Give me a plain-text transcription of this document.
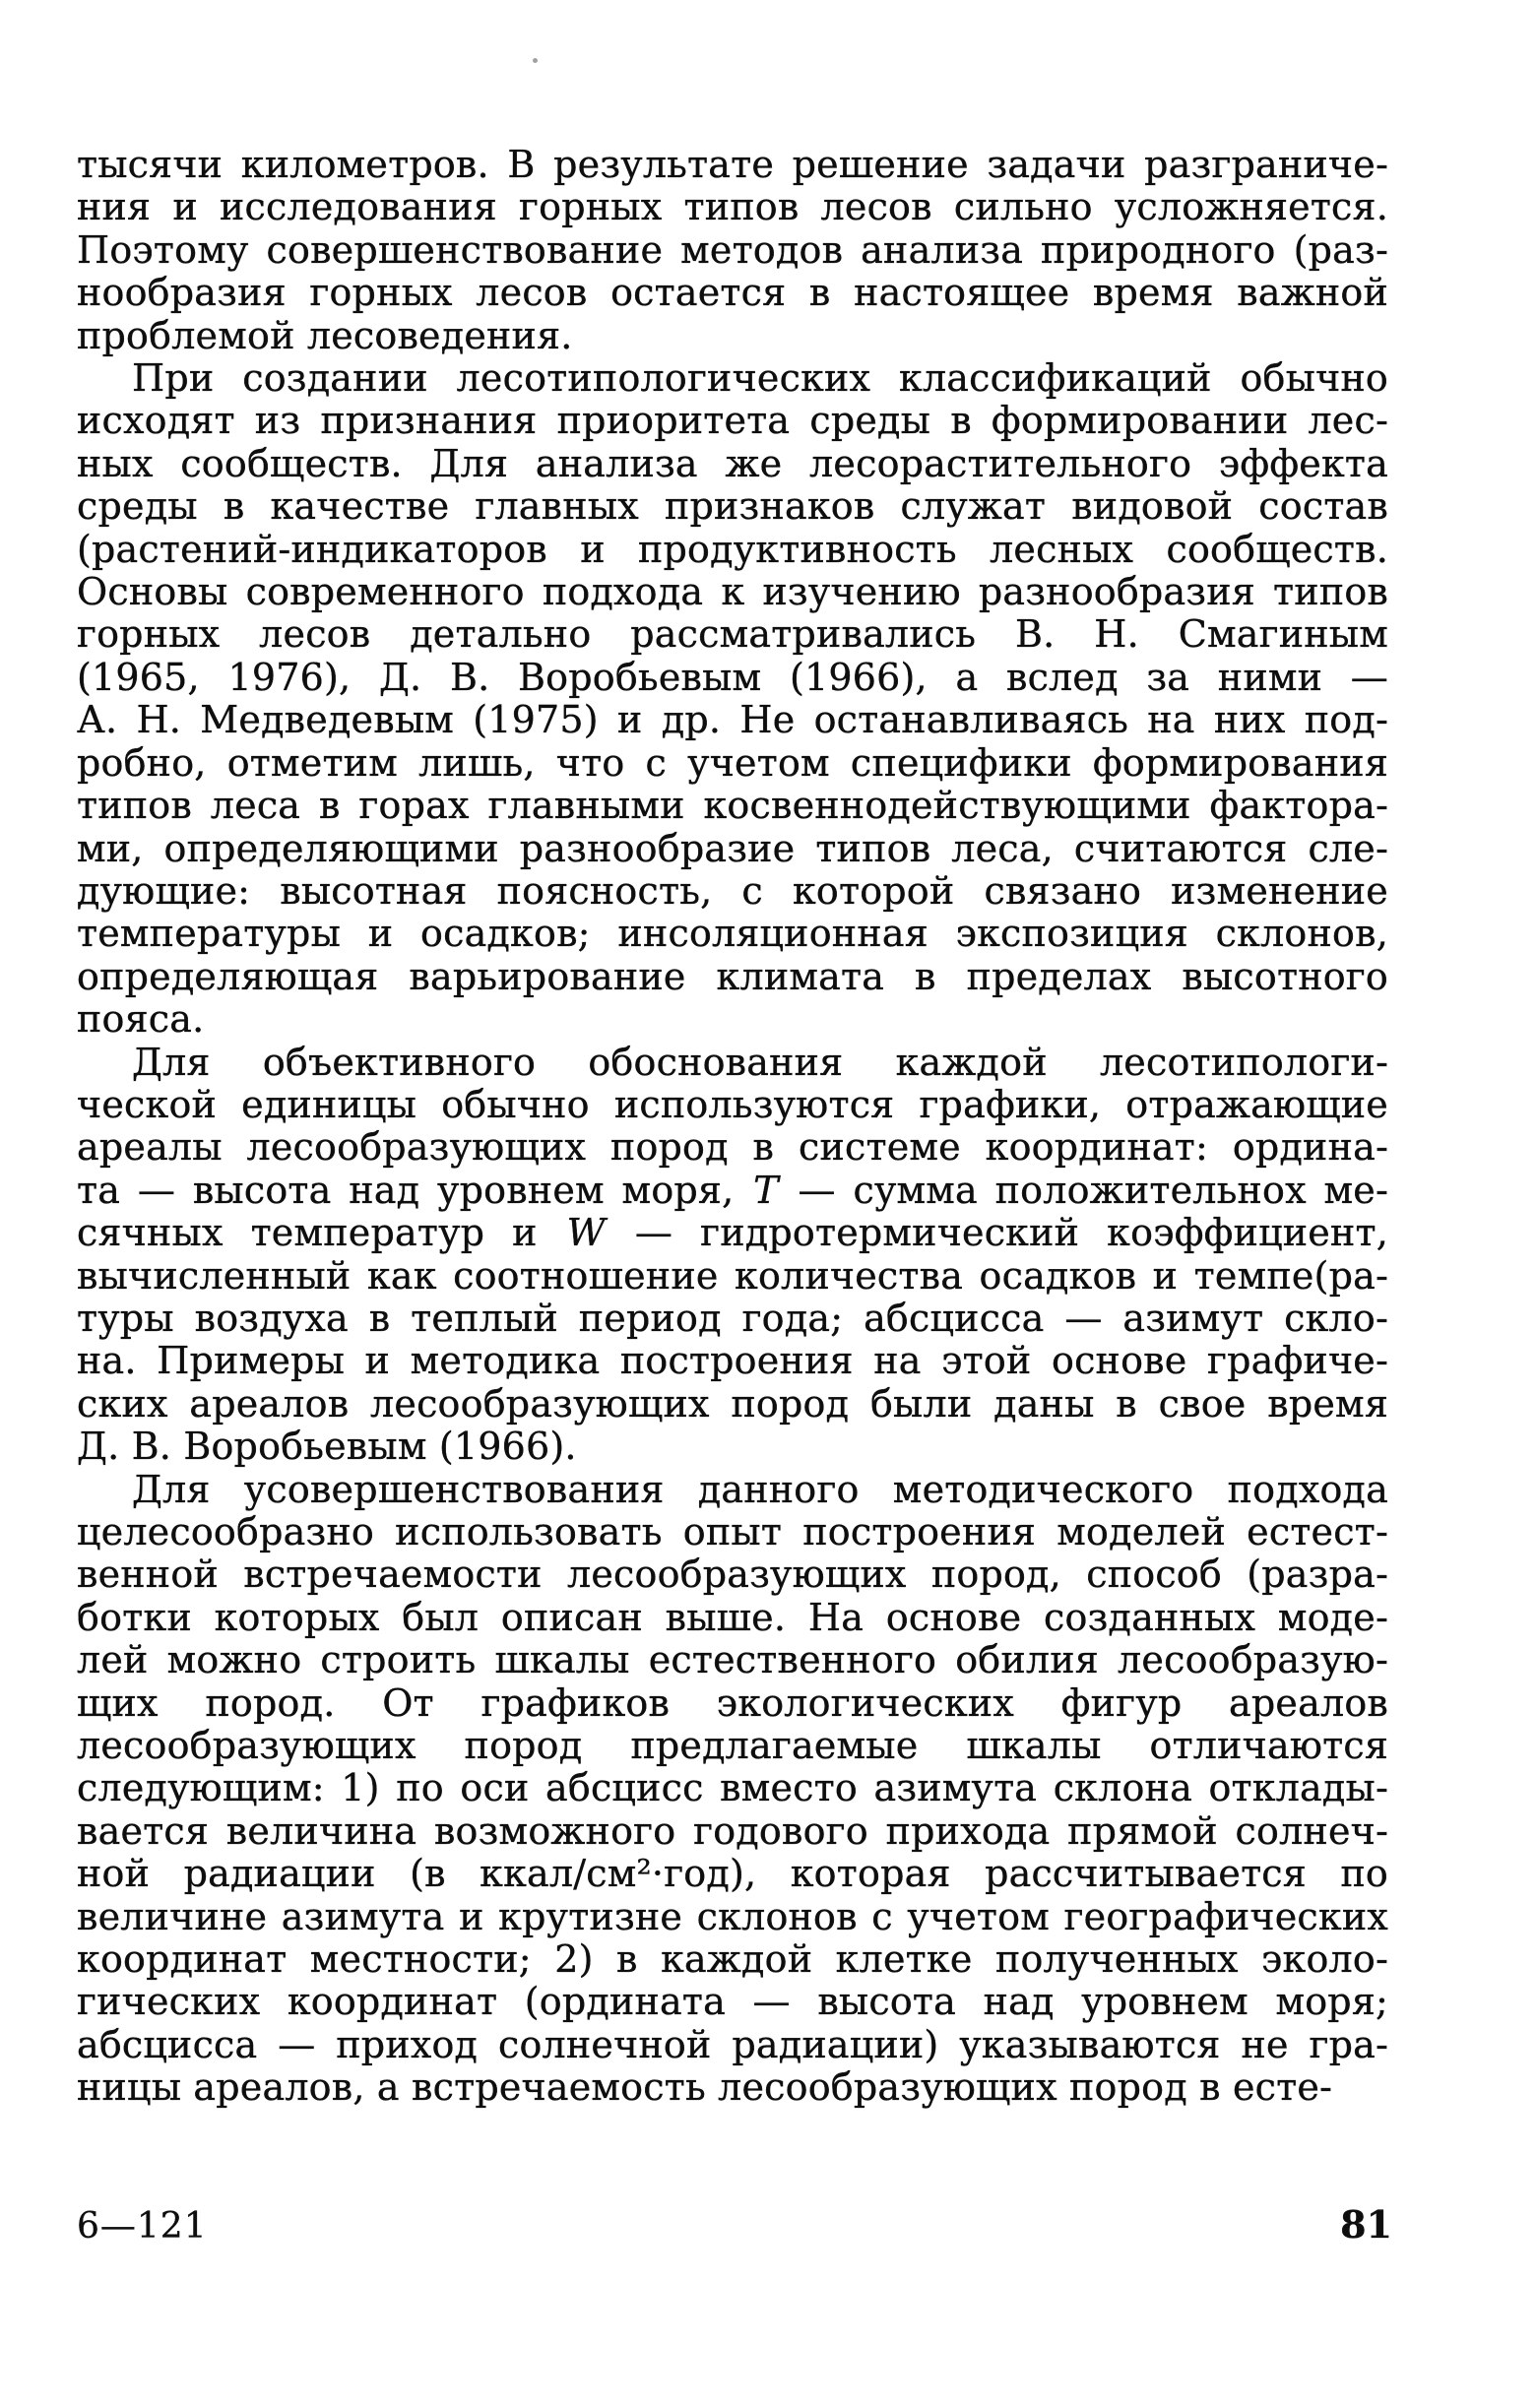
тысячи километров. В результате решение задачи разграниче-
ния и исследования горных типов лесов сильно усложняется.
Поэтому совершенствование методов анализа природного (раз-
нообразия горных лесов остается в настоящее время важной
проблемой лесоведения.

При создании лесотипологических классификаций обычно
исходят из признания приоритета среды в формировании лес-
ных сообществ. Для анализа же лесорастительного эффекта
среды в качестве главных признаков служат видовой состав
(растений-индикаторов и продуктивность лесных сообществ.
Основы современного подхода к изучению разнообразия типов
горных лесов детально рассматривались В. Н. Смагиным
(1965, 1976), Д. В. Воробьевым (1966), а вслед за ними —
А. Н. Медведевым (1975) и др. Не останавливаясь на них под-
робно, отметим лишь, что с учетом специфики формирования
типов леса в горах главными косвеннодействующими фактора-
ми, определяющими разнообразие типов леса, считаются сле-
дующие: высотная поясность, с которой связано изменение
температуры и осадков; инсоляционная экспозиция склонов,
определяющая варьирование климата в пределах высотного
пояса.

Для объективного обоснования каждой лесотипологи-
ческой единицы обычно используются графики, отражающие
ареалы лесообразующих пород в системе координат: ордина-
та — высота над уровнем моря, T — сумма положительнох ме-
сячных температур и W — гидротермический коэффициент,
вычисленный как соотношение количества осадков и темпе(ра-
туры воздуха в теплый период года; абсцисса — азимут скло-
на. Примеры и методика построения на этой основе графиче-
ских ареалов лесообразующих пород были даны в свое время
Д. В. Воробьевым (1966).

Для усовершенствования данного методического подхода
целесообразно использовать опыт построения моделей естест-
венной встречаемости лесообразующих пород, способ (разра-
ботки которых был описан выше. На основе созданных моде-
лей можно строить шкалы естественного обилия лесообразую-
щих пород. От графиков экологических фигур ареалов
лесообразующих пород предлагаемые шкалы отличаются
следующим: 1) по оси абсцисс вместо азимута склона отклады-
вается величина возможного годового прихода прямой солнеч-
ной радиации (в ккал/см²·год), которая рассчитывается по
величине азимута и крутизне склонов с учетом географических
координат местности; 2) в каждой клетке полученных эколо-
гических координат (ордината — высота над уровнем моря;
абсцисса — приход солнечной радиации) указываются не гра-
ницы ареалов, а встречаемость лесообразующих пород в есте-

6—121	81
